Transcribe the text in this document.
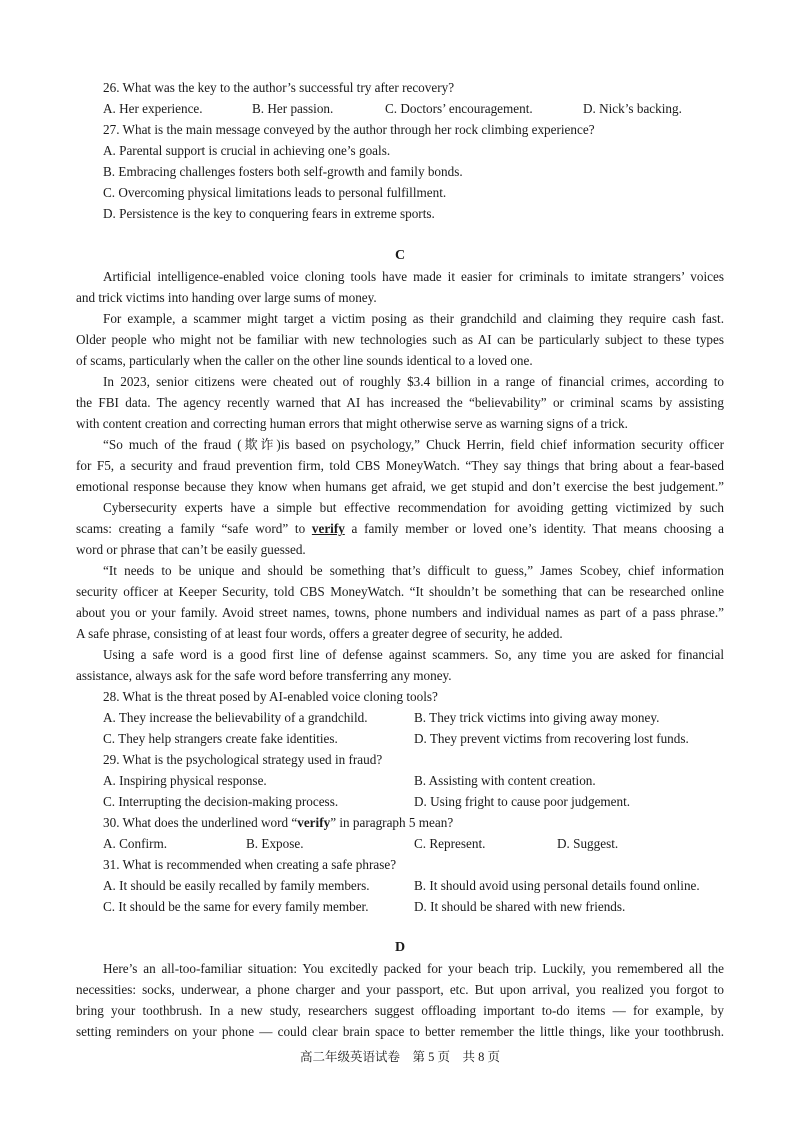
26. What was the key to the author’s successful try after recovery?
A. Her experience.	B. Her passion.	C. Doctors’ encouragement.	D. Nick’s backing.
27. What is the main message conveyed by the author through her rock climbing experience?
A. Parental support is crucial in achieving one’s goals.
B. Embracing challenges fosters both self-growth and family bonds.
C. Overcoming physical limitations leads to personal fulfillment.
D. Persistence is the key to conquering fears in extreme sports.
C
Artificial intelligence-enabled voice cloning tools have made it easier for criminals to imitate strangers’ voices
and trick victims into handing over large sums of money.
For example, a scammer might target a victim posing as their grandchild and claiming they require cash fast.
Older people who might not be familiar with new technologies such as AI can be particularly subject to these types
of scams, particularly when the caller on the other line sounds identical to a loved one.
In 2023, senior citizens were cheated out of roughly $3.4 billion in a range of financial crimes, according to
the FBI data. The agency recently warned that AI has increased the “believability” or criminal scams by assisting
with content creation and correcting human errors that might otherwise serve as warning signs of a trick.
“So much of the fraud (欺诈)is based on psychology,” Chuck Herrin, field chief information security officer
for F5, a security and fraud prevention firm, told CBS MoneyWatch. “They say things that bring about a fear-based
emotional response because they know when humans get afraid, we get stupid and don’t exercise the best judgement.”
Cybersecurity experts have a simple but effective recommendation for avoiding getting victimized by such
scams: creating a family “safe word” to verify a family member or loved one’s identity. That means choosing a
word or phrase that can’t be easily guessed.
“It needs to be unique and should be something that’s difficult to guess,” James Scobey, chief information
security officer at Keeper Security, told CBS MoneyWatch. “It shouldn’t be something that can be researched online
about you or your family. Avoid street names, towns, phone numbers and individual names as part of a pass phrase.”
A safe phrase, consisting of at least four words, offers a greater degree of security, he added.
Using a safe word is a good first line of defense against scammers. So, any time you are asked for financial
assistance, always ask for the safe word before transferring any money.
28. What is the threat posed by AI-enabled voice cloning tools?
A. They increase the believability of a grandchild.	B. They trick victims into giving away money.
C. They help strangers create fake identities.	D. They prevent victims from recovering lost funds.
29. What is the psychological strategy used in fraud?
A. Inspiring physical response.	B. Assisting with content creation.
C. Interrupting the decision-making process.	D. Using fright to cause poor judgement.
30. What does the underlined word “verify” in paragraph 5 mean?
A. Confirm.	B. Expose.	C. Represent.	D. Suggest.
31. What is recommended when creating a safe phrase?
A. It should be easily recalled by family members.	B. It should avoid using personal details found online.
C. It should be the same for every family member.	D. It should be shared with new friends.
D
Here’s an all-too-familiar situation: You excitedly packed for your beach trip. Luckily, you remembered all the
necessities: socks, underwear, a phone charger and your passport, etc. But upon arrival, you realized you forgot to
bring your toothbrush. In a new study, researchers suggest offloading important to-do items — for example, by
setting reminders on your phone — could clear brain space to better remember the little things, like your toothbrush.
高二年级英语试卷　第 5 页　共 8 页
